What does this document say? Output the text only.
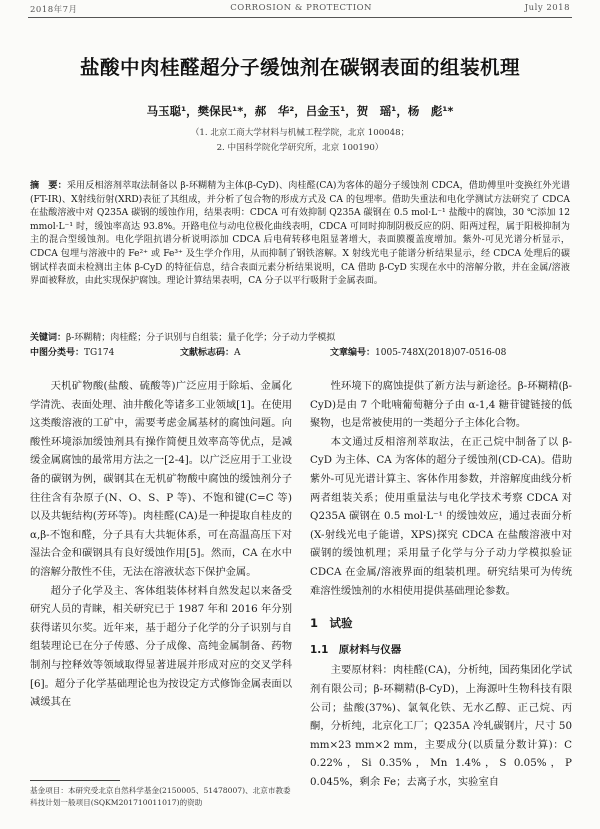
2018年7月	CORROSION & PROTECTION	July 2018
盐酸中肉桂醛超分子缓蚀剂在碳钢表面的组装机理
马玉聪¹，樊保民¹*，郝　华²，吕金玉¹，贺　瑶¹，杨　彪¹*
（1. 北京工商大学材料与机械工程学院，北京 100048；
2. 中国科学院化学研究所，北京 100190）
摘　要：采用反相溶剂萃取法制备以 β-环糊精为主体(β-CyD)、肉桂醛(CA)为客体的超分子缓蚀剂 CDCA，借助傅里叶变换红外光谱(FT-IR)、X射线衍射(XRD)表征了其组成，并分析了包合物的形成方式及 CA 的包埋率。借助失重法和电化学测试方法研究了 CDCA 在盐酸溶液中对 Q235A 碳钢的缓蚀作用，结果表明：CDCA 可有效抑制 Q235A 碳钢在 0.5 mol·L⁻¹ 盐酸中的腐蚀，30 ℃添加 12 mmol·L⁻¹ 时，缓蚀率高达 93.8%。开路电位与动电位极化曲线表明，CDCA 可同时抑制阴极反应的阴、阳两过程，属于阳极抑制为主的混合型缓蚀剂。电化学阻抗谱分析说明添加 CDCA 后电荷转移电阻显著增大，表面膜覆盖度增加。紫外-可见光谱分析显示，CDCA 包埋与溶液中的 Fe²⁺ 或 Fe³⁺ 及生学介作用，从而抑制了钢铁溶解。X 射线光电子能谱分析结果显示，经 CDCA 处理后的碳钢试样表面未检测出主体 β-CyD 的特征信息，结合表面元素分析结果说明，CA 借助 β-CyD 实现在水中的溶解分散，并在金属/溶液界面被释放，由此实现保护腐蚀。理论计算结果表明，CA 分子以平行吸附于金属表面。
关键词：β-环糊精；肉桂醛；分子识别与自组装；量子化学；分子动力学模拟
中图分类号：TG174	文献标志码：A	文章编号：1005-748X(2018)07-0516-08

天机矿物酸(盐酸、硫酸等)广泛应用于除垢、金属化学清洗、表面处理、油井酸化等诸多工业领域[1]。在使用这类酸溶液的工矿中，需要考虑金属基材的腐蚀问题。向酸性环境添加缓蚀剂具有操作简便且效率高等优点，是减缓金属腐蚀的最常用方法之一[2-4]。以广泛应用于工业设备的碳钢为例，碳钢其在无机矿物酸中腐蚀的缓蚀剂分子往往含有杂原子(N、O、S、P 等)、不饱和键(C=C 等)以及共轭结构(芳环等)。肉桂醛(CA)是一种提取自桂皮的α,β-不饱和醛，分子具有大共轭体系，可在高温高压下对湿法合金和碳钢具有良好缓蚀作用[5]。然而，CA 在水中的溶解分散性不佳，无法在溶液状态下保护金属。

超分子化学及主、客体组装体材料自然发起以来备受研究人员的青睐，相关研究已于 1987 年和 2016 年分别获得诺贝尔奖。近年来，基于超分子化学的分子识别与自组装理论已在分子传感、分子成像、高纯金属制备、药物制剂与控释效等领域取得显著进展并形成对应的交叉学科[6]。超分子化学基础理论也为按设定方式修饰金属表面以减缓其在

性环境下的腐蚀提供了新方法与新途径。β-环糊精(β-CyD)是由 7 个吡喃葡萄糖分子由 α-1,4 糖苷键链接的低聚物，也是常被使用的一类超分子主体化合物。

本文通过反相溶剂萃取法，在正己烷中制备了以 β-CyD 为主体、CA 为客体的超分子缓蚀剂(CD-CA)。借助紫外-可见光谱计算主、客体作用参数，并溶解度曲线分析两者组装关系；使用重量法与电化学技术考察 CDCA 对 Q235A 碳钢在 0.5 mol·L⁻¹ 的缓蚀效应，通过表面分析(X-射线光电子能谱，XPS)探究 CDCA 在盐酸溶液中对碳钢的缓蚀机理；采用量子化学与分子动力学模拟验证 CDCA 在金属/溶液界面的组装机理。研究结果可为传统难溶性缓蚀剂的水相使用提供基础理论参数。

1　试验
1.1　原材料与仪器

主要原材料：肉桂醛(CA)，分析纯，国药集团化学试剂有限公司；β-环糊精(β-CyD)，上海源叶生物科技有限公司；盐酸(37%)、氯氧化铁、无水乙醇、正己烷、丙酮，分析纯，北京化工厂；Q235A 冷轧碳钢片，尺寸 50 mm×23 mm×2 mm，主要成分(以质量分数计算)：C 0.22%，Si 0.35%，Mn 1.4%，S 0.05%，P 0.045%，剩余 Fe；去离子水，实验室自

基金项目：本研究受北京自然科学基金(2150005、51478007)、北京市教委科技计划一般项目(SQKM201710011017)的资助
